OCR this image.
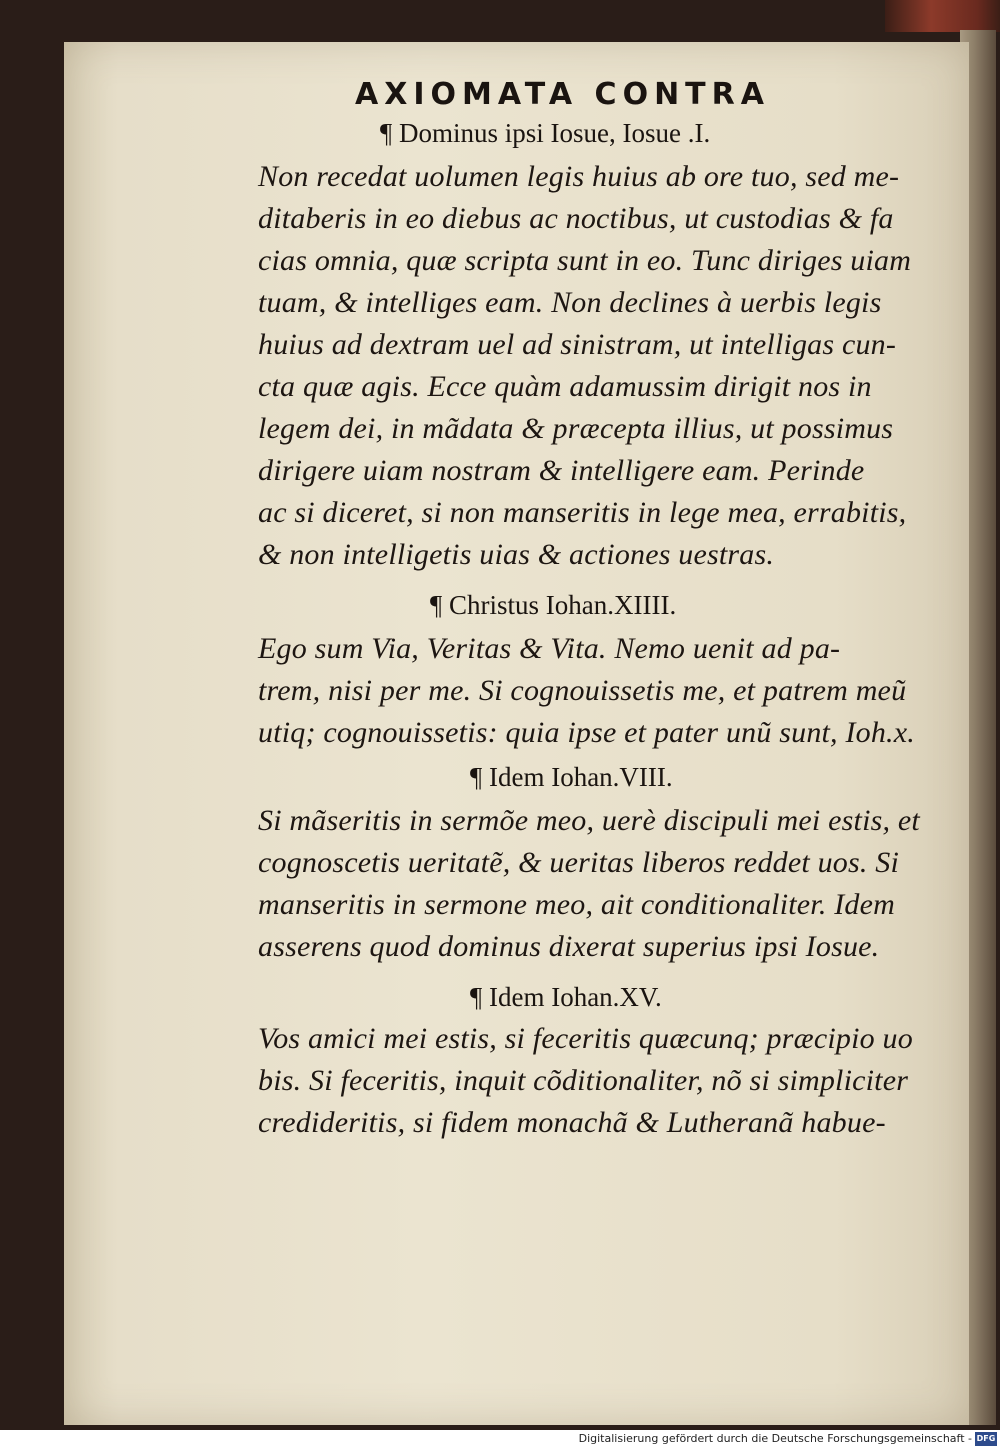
AXIOMATA CONTRA
¶ Dominus ipsi Iosue, Iosue .I.
Non recedat uolumen legis huius ab ore tuo, sed me-
ditaberis in eo diebus ac noctibus, ut custodias & fa
cias omnia, quæ scripta sunt in eo. Tunc diriges uiam
tuam, & intelliges eam. Non declines à uerbis legis
huius ad dextram uel ad sinistram, ut intelligas cun-
cta quæ agis. Ecce quàm adamussim dirigit nos in
legem dei, in mãdata & præcepta illius, ut possimus
dirigere uiam nostram & intelligere eam. Perinde
ac si diceret, si non manseritis in lege mea, errabitis,
& non intelligetis uias & actiones uestras.
¶ Christus Iohan.XIIII.
Ego sum Via, Veritas & Vita. Nemo uenit ad pa-
trem, nisi per me. Si cognouissetis me, et patrem meũ
utiq; cognouissetis: quia ipse et pater unũ sunt, Ioh.x.
¶ Idem Iohan.VIII.
Si mãseritis in sermõe meo, uerè discipuli mei estis, et
cognoscetis ueritatẽ, & ueritas liberos reddet uos. Si
manseritis in sermone meo, ait conditionaliter. Idem
asserens quod dominus dixerat superius ipsi Iosue.
¶ Idem Iohan.XV.
Vos amici mei estis, si feceritis quæcunq; præcipio uo
bis. Si feceritis, inquit cõditionaliter, nõ si simpliciter
credideritis, si fidem monachã & Lutheranã habue-
Digitalisierung gefördert durch die Deutsche Forschungsgemeinschaft - DFG
